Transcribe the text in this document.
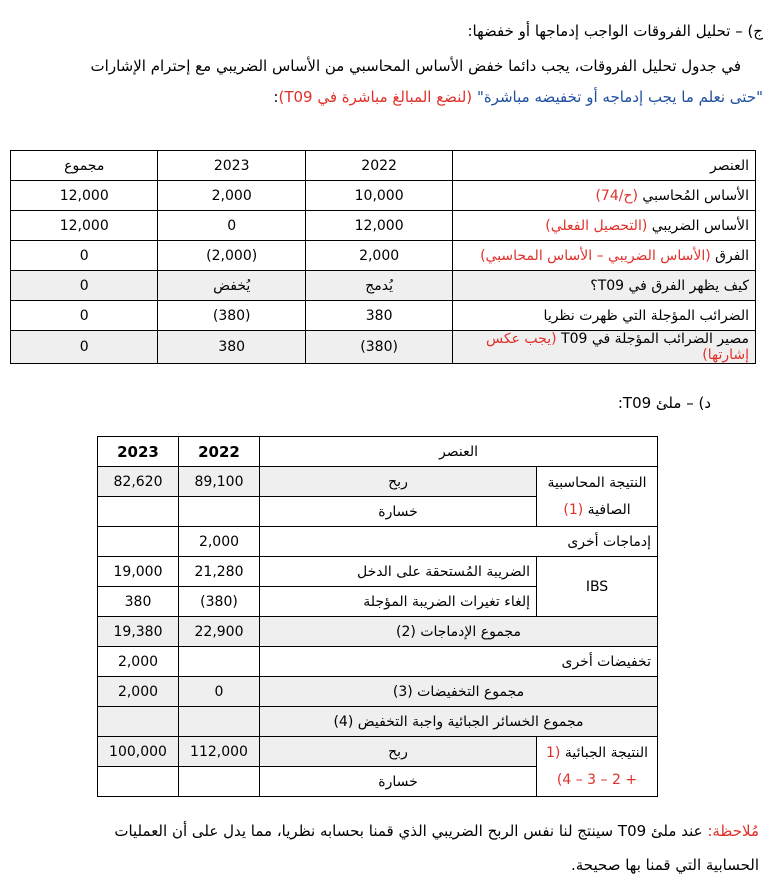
ج) – تحليل الفروقات الواجب إدماجها أو خفضها:
في جدول تحليل الفروقات، يجب دائما خفض الأساس المحاسبي من الأساس الضريبي مع إحترام الإشارات
"حتى نعلم ما يجب إدماجه أو تخفيضه مباشرة" (لنضع المبالغ مباشرة في T09):
العنصر	2022	2023	مجموع
الأساس المُحاسبي (ح/74)	10,000	2,000	12,000
الأساس الضريبي (التحصيل الفعلي)	12,000	0	12,000
الفرق (الأساس الضريبي – الأساس المحاسبي)	2,000	(2,000)	0
كيف يظهر الفرق في T09؟	يُدمج	يُخفض	0
الضرائب المؤجلة التي ظهرت نظريا	380	(380)	0
مصير الضرائب المؤجلة في T09 (يجب عكس إشارتها)	(380)	380	0
د) – ملئ T09:
العنصر		2022	2023
النتيجة المحاسبية الصافية (1)	ربح	89,100	82,620
	خسارة		
إدماجات أخرى		2,000	
IBS	الضريبة المُستحقة على الدخل	21,280	19,000
	إلغاء تغيرات الضريبة المؤجلة	(380)	380
مجموع الإدماجات (2)		22,900	19,380
تخفيضات أخرى			2,000
مجموع التخفيضات (3)		0	2,000
مجموع الخسائر الجبائية واجبة التخفيض (4)			
النتيجة الجبائية (1 + 2 – 3 – 4)	ربح	112,000	100,000
	خسارة		
مُلاحظة: عند ملئ T09 سينتج لنا نفس الربح الضريبي الذي قمنا بحسابه نظريا، مما يدل على أن العمليات
الحسابية التي قمنا بها صحيحة.
